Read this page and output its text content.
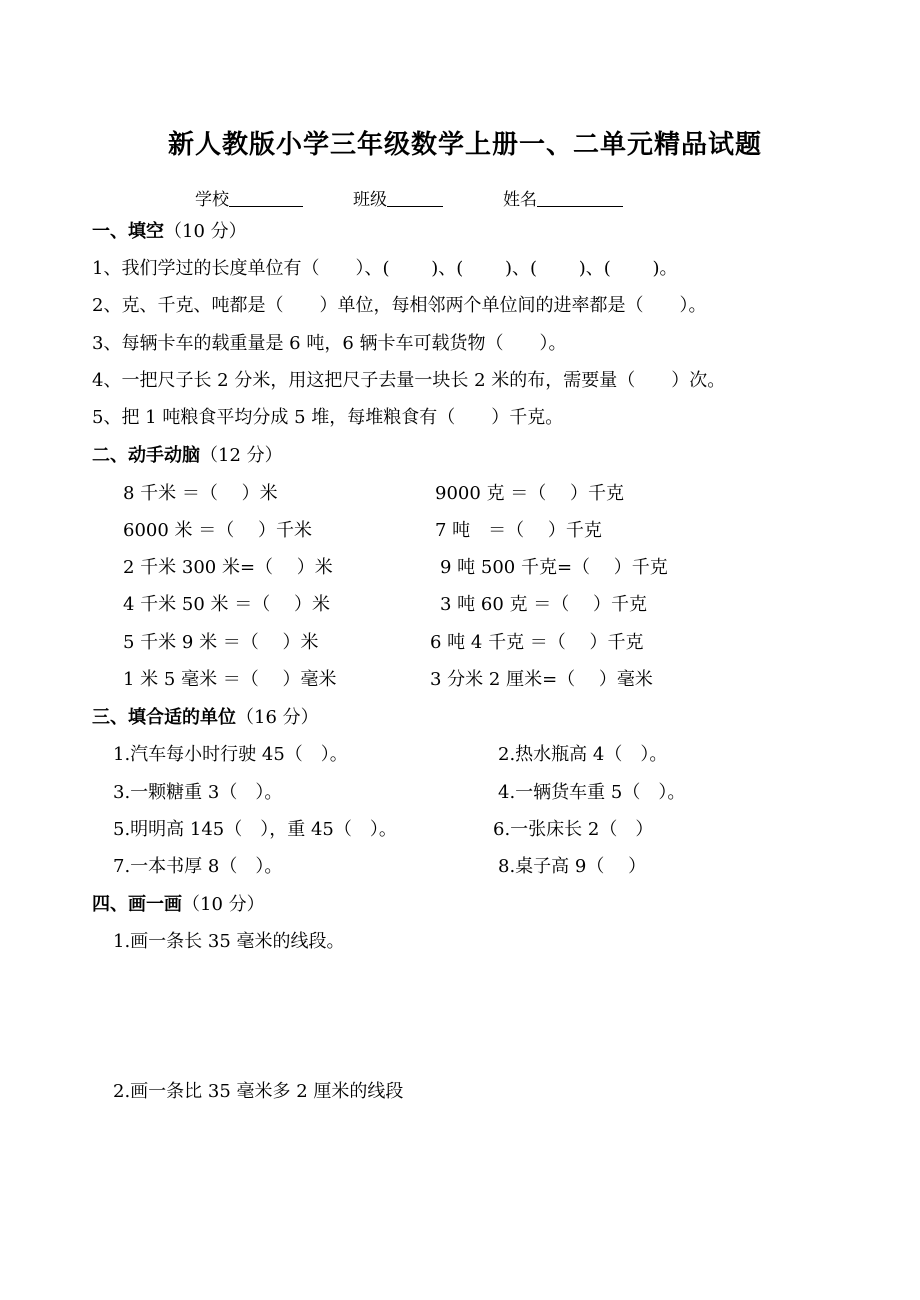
新人教版小学三年级数学上册一、二单元精品试题
学校	班级	姓名
一、填空（10 分）
1、我们学过的长度单位有（　　）、(　　 )、(　　 )、(　　 )、(　　 )。
2、克、千克、吨都是（　　）单位，每相邻两个单位间的进率都是（　　）。
3、每辆卡车的载重量是 6 吨，6 辆卡车可载货物（　　）。
4、一把尺子长 2 分米，用这把尺子去量一块长 2 米的布，需要量（　　）次。
5、把 1 吨粮食平均分成 5 堆，每堆粮食有（　　）千克。
二、动手动脑（12 分）
8 千米 ＝（　 ）米
6000 米 ＝（　 ）千米
2 千米 300 米=（　 ）米
4 千米 50 米 ＝（　 ）米
5 千米 9 米 ＝（　 ）米
1 米 5 毫米 ＝（　 ）毫米
9000 克 ＝（　 ）千克
7 吨　＝（　 ）千克
9 吨 500 千克=（　 ）千克
3 吨 60 克 ＝（　 ）千克
6 吨 4 千克 ＝（　 ）千克
3 分米 2 厘米=（　 ）毫米
三、填合适的单位（16 分）
1.汽车每小时行驶 45（　）。
3.一颗糖重 3（　）。
5.明明高 145（　），重 45（　）。
7.一本书厚 8（　）。
2.热水瓶高 4（　）。
4.一辆货车重 5（　）。
6.一张床长 2（　）
8.桌子高 9（　 ）
四、画一画（10 分）
1.画一条长 35 毫米的线段。
2.画一条比 35 毫米多 2 厘米的线段
